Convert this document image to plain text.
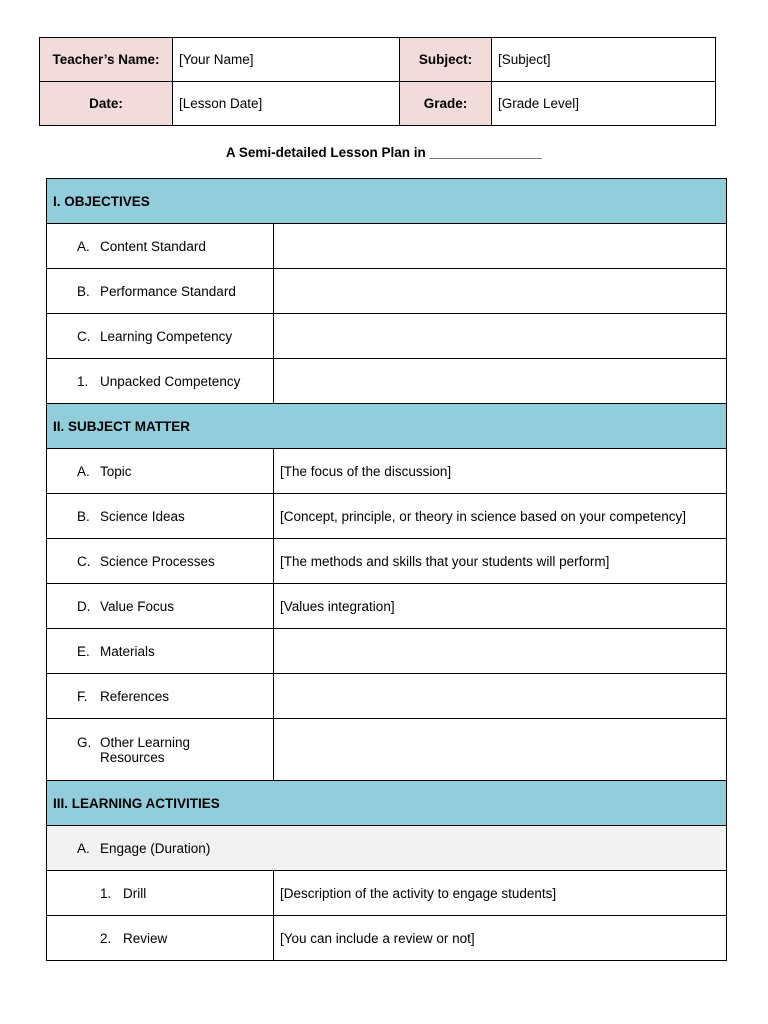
Teacher’s Name:	[Your Name]	Subject:	[Subject]
Date:	[Lesson Date]	Grade:	[Grade Level]
A Semi-detailed Lesson Plan in _______________
I. OBJECTIVES	

A. Content Standard	

B. Performance Standard	

C. Learning Competency	

1. Unpacked Competency	

II. SUBJECT MATTER	

A. Topic	[The focus of the discussion]

B. Science Ideas	[Concept, principle, or theory in science based on your competency]

C. Science Processes	[The methods and skills that your students will perform]

D. Value Focus	[Values integration]

E. Materials	

F. References	

G. Other Learning Resources	

III. LEARNING ACTIVITIES	

A. Engage (Duration)	

1. Drill	[Description of the activity to engage students]

2. Review	[You can include a review or not]
